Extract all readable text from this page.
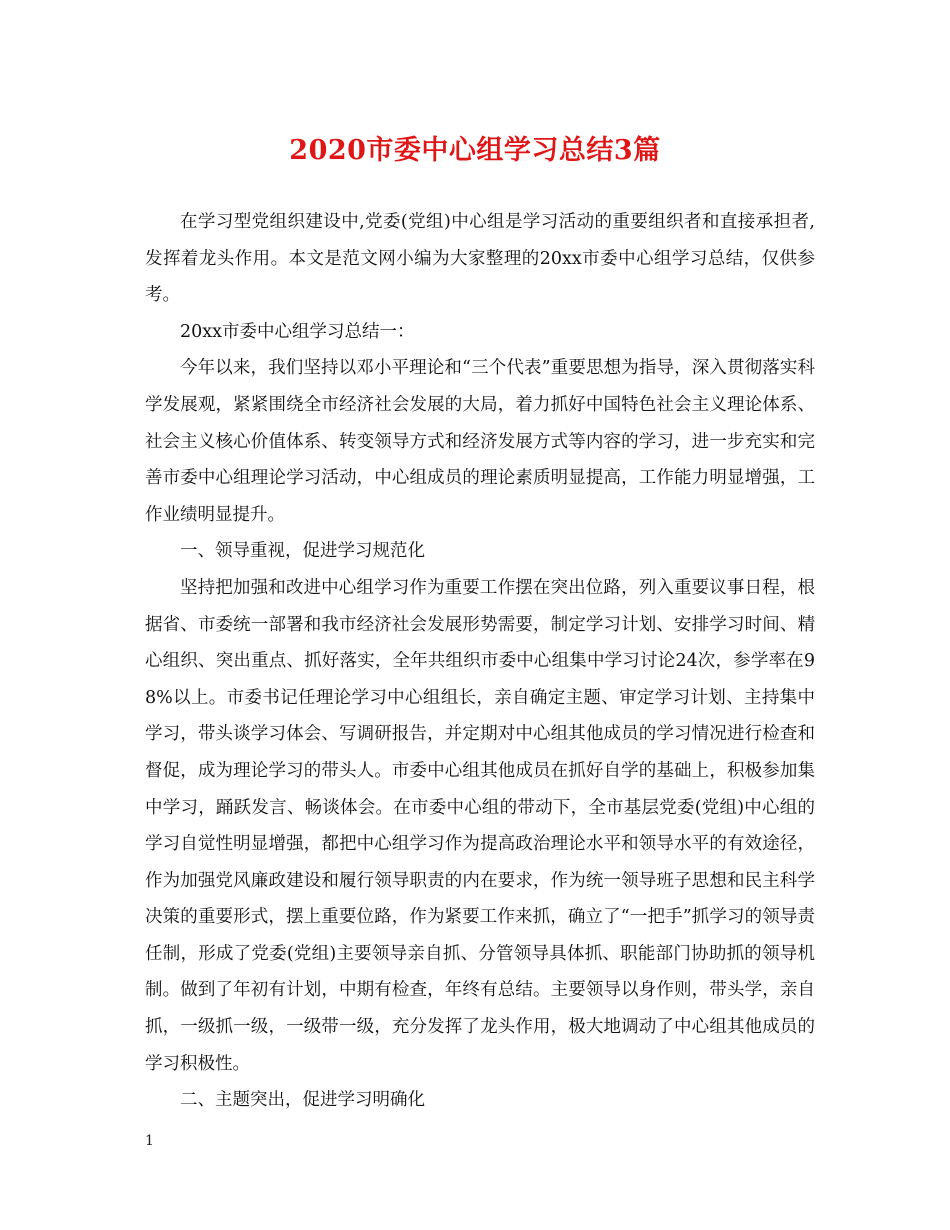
2020市委中心组学习总结3篇

在学习型党组织建设中,党委(党组)中心组是学习活动的重要组织者和直接承担者,发挥着龙头作用。本文是范文网小编为大家整理的20xx市委中心组学习总结，仅供参考。

20xx市委中心组学习总结一：

今年以来，我们坚持以邓小平理论和“三个代表”重要思想为指导，深入贯彻落实科学发展观，紧紧围绕全市经济社会发展的大局，着力抓好中国特色社会主义理论体系、社会主义核心价值体系、转变领导方式和经济发展方式等内容的学习，进一步充实和完善市委中心组理论学习活动，中心组成员的理论素质明显提高，工作能力明显增强，工作业绩明显提升。

一、领导重视，促进学习规范化

坚持把加强和改进中心组学习作为重要工作摆在突出位路，列入重要议事日程，根据省、市委统一部署和我市经济社会发展形势需要，制定学习计划、安排学习时间、精心组织、突出重点、抓好落实，全年共组织市委中心组集中学习讨论24次，参学率在98%以上。市委书记任理论学习中心组组长，亲自确定主题、审定学习计划、主持集中学习，带头谈学习体会、写调研报告，并定期对中心组其他成员的学习情况进行检查和督促，成为理论学习的带头人。市委中心组其他成员在抓好自学的基础上，积极参加集中学习，踊跃发言、畅谈体会。在市委中心组的带动下，全市基层党委(党组)中心组的学习自觉性明显增强，都把中心组学习作为提高政治理论水平和领导水平的有效途径，作为加强党风廉政建设和履行领导职责的内在要求，作为统一领导班子思想和民主科学决策的重要形式，摆上重要位路，作为紧要工作来抓，确立了“一把手”抓学习的领导责任制，形成了党委(党组)主要领导亲自抓、分管领导具体抓、职能部门协助抓的领导机制。做到了年初有计划，中期有检查，年终有总结。主要领导以身作则，带头学，亲自抓，一级抓一级，一级带一级，充分发挥了龙头作用，极大地调动了中心组其他成员的学习积极性。

二、主题突出，促进学习明确化

1
